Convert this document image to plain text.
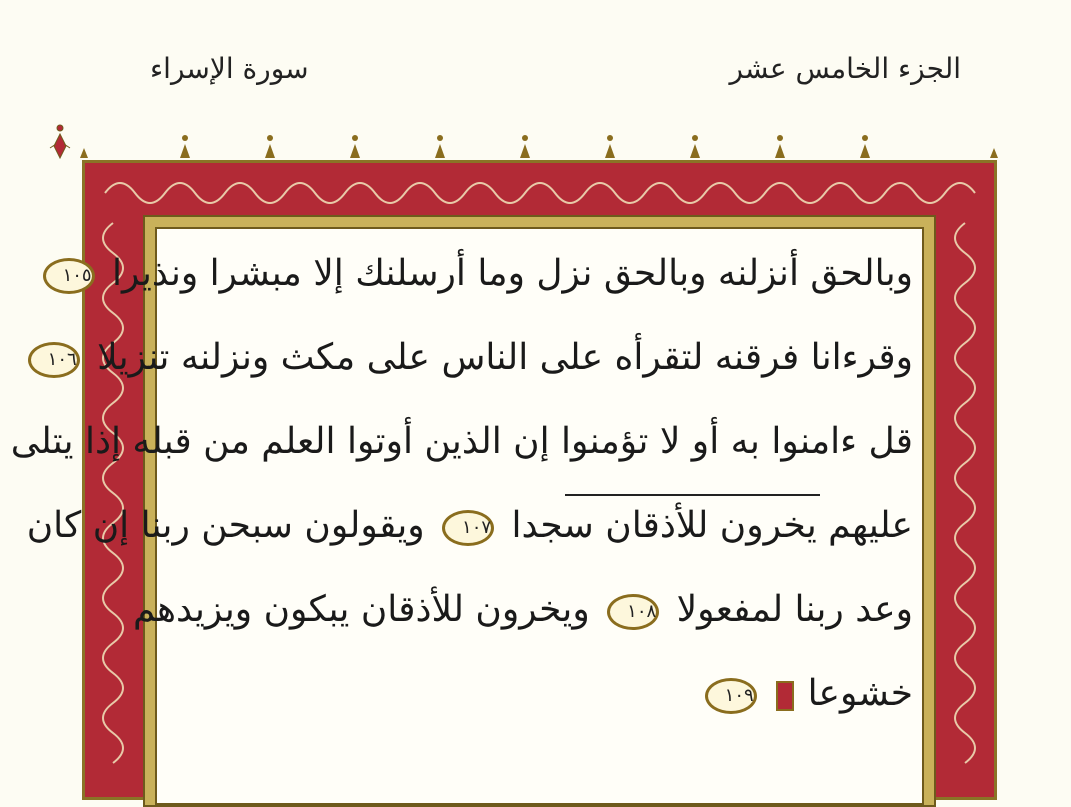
سورة الإسراء	الجزء الخامس عشر
وبالحق أنزلنه وبالحق نزل وما أرسلنك إلا مبشرا ونذيرا ١٠٥
وقرءانا فرقنه لتقرأه على الناس على مكث ونزلنه تنزيلا ١٠٦
قل ءامنوا به أو لا تؤمنوا إن الذين أوتوا العلم من قبله إذا يتلى
عليهم يخرون للأذقان سجدا ١٠٧ ويقولون سبحن ربنا إن كان
وعد ربنا لمفعولا ١٠٨ ويخرون للأذقان يبكون ويزيدهم
خشوعا  ١٠٩
